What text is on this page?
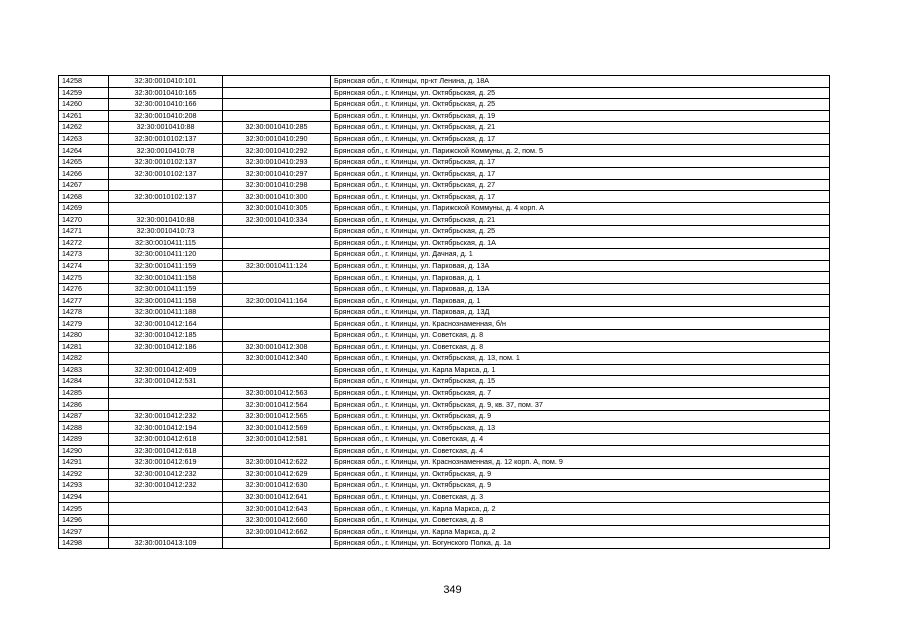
14258	32:30:0010410:101		Брянская обл., г. Клинцы, пр-кт Ленина, д. 18А
14259	32:30:0010410:165		Брянская обл., г. Клинцы, ул. Октябрьская, д. 25
14260	32:30:0010410:166		Брянская обл., г. Клинцы, ул. Октябрьская, д. 25
14261	32:30:0010410:208		Брянская обл., г. Клинцы, ул. Октябрьская, д. 19
14262	32:30:0010410:88	32:30:0010410:285	Брянская обл., г. Клинцы, ул. Октябрьская, д. 21
14263	32:30:0010102:137	32:30:0010410:290	Брянская обл., г. Клинцы, ул. Октябрьская, д. 17
14264	32:30:0010410:78	32:30:0010410:292	Брянская обл., г. Клинцы, ул. Парижской Коммуны, д. 2, пом. 5
14265	32:30:0010102:137	32:30:0010410:293	Брянская обл., г. Клинцы, ул. Октябрьская, д. 17
14266	32:30:0010102:137	32:30:0010410:297	Брянская обл., г. Клинцы, ул. Октябрьская, д. 17
14267		32:30:0010410:298	Брянская обл., г. Клинцы, ул. Октябрьская, д. 27
14268	32:30:0010102:137	32:30:0010410:300	Брянская обл., г. Клинцы, ул. Октябрьская, д. 17
14269		32:30:0010410:305	Брянская обл., г. Клинцы, ул. Парижской Коммуны, д. 4 корп. А
14270	32:30:0010410:88	32:30:0010410:334	Брянская обл., г. Клинцы, ул. Октябрьская, д. 21
14271	32:30:0010410:73		Брянская обл., г. Клинцы, ул. Октябрьская, д. 25
14272	32:30:0010411:115		Брянская обл., г. Клинцы, ул. Октябрьская, д. 1А
14273	32:30:0010411:120		Брянская обл., г. Клинцы, ул. Дачная, д. 1
14274	32:30:0010411:159	32:30:0010411:124	Брянская обл., г. Клинцы, ул. Парковая, д. 13А
14275	32:30:0010411:158		Брянская обл., г. Клинцы, ул. Парковая, д. 1
14276	32:30:0010411:159		Брянская обл., г. Клинцы, ул. Парковая, д. 13А
14277	32:30:0010411:158	32:30:0010411:164	Брянская обл., г. Клинцы, ул. Парковая, д. 1
14278	32:30:0010411:188		Брянская обл., г. Клинцы, ул. Парковая, д. 13Д
14279	32:30:0010412:164		Брянская обл., г. Клинцы, ул. Краснознаменная, б/н
14280	32:30:0010412:185		Брянская обл., г. Клинцы, ул. Советская, д. 8
14281	32:30:0010412:186	32:30:0010412:308	Брянская обл., г. Клинцы, ул. Советская, д. 8
14282		32:30:0010412:340	Брянская обл., г. Клинцы, ул. Октябрьская, д. 13, пом. 1
14283	32:30:0010412:409		Брянская обл., г. Клинцы, ул. Карла Маркса, д. 1
14284	32:30:0010412:531		Брянская обл., г. Клинцы, ул. Октябрьская, д. 15
14285		32:30:0010412:563	Брянская обл., г. Клинцы, ул. Октябрьская, д. 7
14286		32:30:0010412:564	Брянская обл., г. Клинцы, ул. Октябрьская, д. 9, кв. 37, пом. 37
14287	32:30:0010412:232	32:30:0010412:565	Брянская обл., г. Клинцы, ул. Октябрьская, д. 9
14288	32:30:0010412:194	32:30:0010412:569	Брянская обл., г. Клинцы, ул. Октябрьская, д. 13
14289	32:30:0010412:618	32:30:0010412:581	Брянская обл., г. Клинцы, ул. Советская, д. 4
14290	32:30:0010412:618		Брянская обл., г. Клинцы, ул. Советская, д. 4
14291	32:30:0010412:619	32:30:0010412:622	Брянская обл., г. Клинцы, ул. Краснознаменная, д. 12 корп. А, пом. 9
14292	32:30:0010412:232	32:30:0010412:629	Брянская обл., г. Клинцы, ул. Октябрьская, д. 9
14293	32:30:0010412:232	32:30:0010412:630	Брянская обл., г. Клинцы, ул. Октябрьская, д. 9
14294		32:30:0010412:641	Брянская обл., г. Клинцы, ул. Советская, д. 3
14295		32:30:0010412:643	Брянская обл., г. Клинцы, ул. Карла Маркса, д. 2
14296		32:30:0010412:660	Брянская обл., г. Клинцы, ул. Советская, д. 8
14297		32:30:0010412:662	Брянская обл., г. Клинцы, ул. Карла Маркса, д. 2
14298	32:30:0010413:109		Брянская обл., г. Клинцы, ул. Богунского Полка, д. 1а
349
